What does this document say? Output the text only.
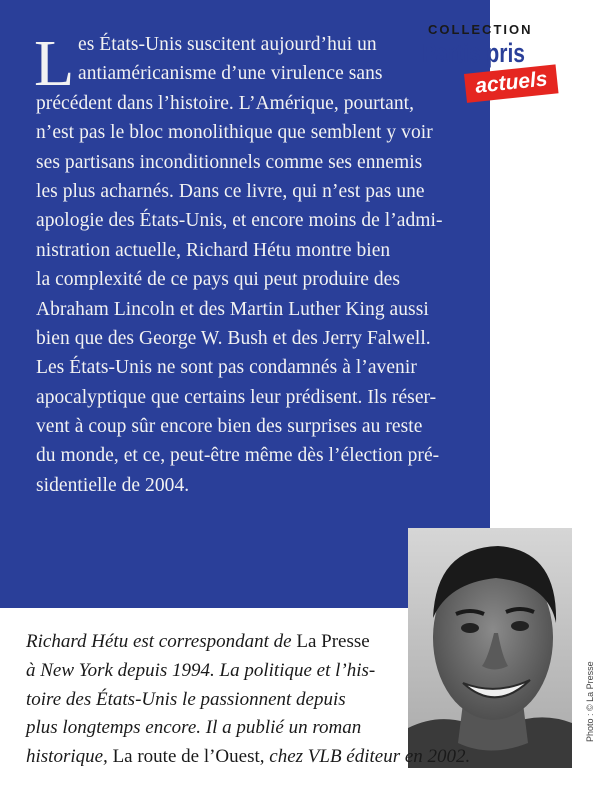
COLLECTION
Partis pris
actuels
L es États-Unis suscitent aujourd’hui un
antiaméricanisme d’une virulence sans
précédent dans l’histoire. L’Amérique, pourtant,
n’est pas le bloc monolithique que semblent y voir
ses partisans inconditionnels comme ses ennemis
les plus acharnés. Dans ce livre, qui n’est pas une
apologie des États-Unis, et encore moins de l’admi-
nistration actuelle, Richard Hétu montre bien
la complexité de ce pays qui peut produire des
Abraham Lincoln et des Martin Luther King aussi
bien que des George W. Bush et des Jerry Falwell.
Les États-Unis ne sont pas condamnés à l’avenir
apocalyptique que certains leur prédisent. Ils réser-
vent à coup sûr encore bien des surprises au reste
du monde, et ce, peut-être même dès l’élection pré-
sidentielle de 2004.
Photo : © La Presse
Richard Hétu est correspondant de La Presse
à New York depuis 1994. La politique et l’his-
toire des États-Unis le passionnent depuis
plus longtemps encore. Il a publié un roman
historique, La route de l’Ouest, chez VLB éditeur en 2002.
